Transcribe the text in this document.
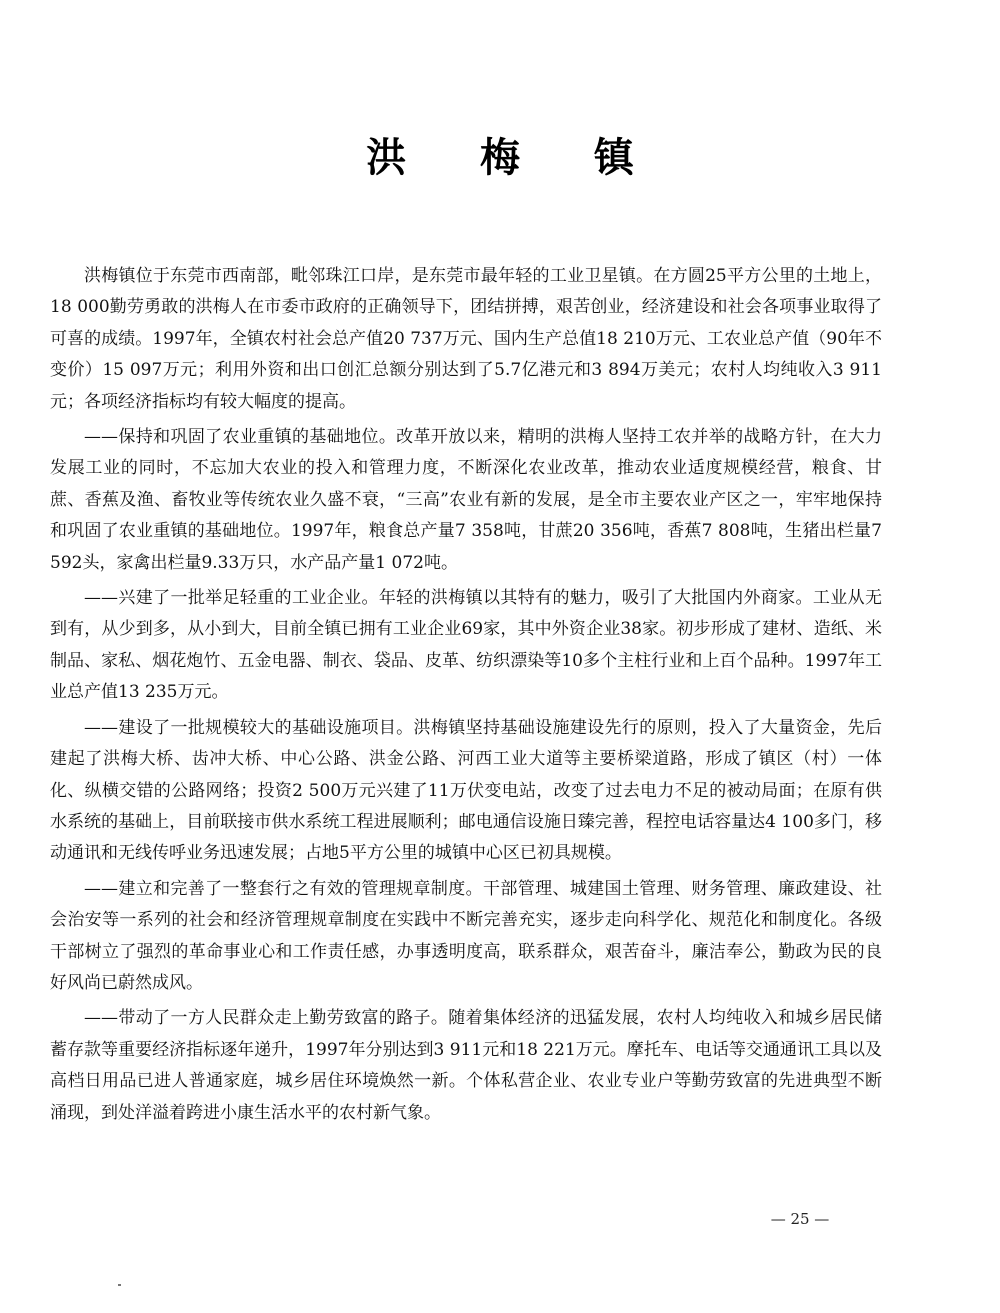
洪 梅 镇

洪梅镇位于东莞市西南部，毗邻珠江口岸，是东莞市最年轻的工业卫星镇。在方圆25平方公里的土地上，18 000勤劳勇敢的洪梅人在市委市政府的正确领导下，团结拼搏，艰苦创业，经济建设和社会各项事业取得了可喜的成绩。1997年，全镇农村社会总产值20 737万元、国内生产总值18 210万元、工农业总产值（90年不变价）15 097万元；利用外资和出口创汇总额分别达到了5.7亿港元和3 894万美元；农村人均纯收入3 911元；各项经济指标均有较大幅度的提高。

——保持和巩固了农业重镇的基础地位。改革开放以来，精明的洪梅人坚持工农并举的战略方针，在大力发展工业的同时，不忘加大农业的投入和管理力度，不断深化农业改革，推动农业适度规模经营，粮食、甘蔗、香蕉及渔、畜牧业等传统农业久盛不衰，“三高”农业有新的发展，是全市主要农业产区之一，牢牢地保持和巩固了农业重镇的基础地位。1997年，粮食总产量7 358吨，甘蔗20 356吨，香蕉7 808吨，生猪出栏量7 592头，家禽出栏量9.33万只，水产品产量1 072吨。

——兴建了一批举足轻重的工业企业。年轻的洪梅镇以其特有的魅力，吸引了大批国内外商家。工业从无到有，从少到多，从小到大，目前全镇已拥有工业企业69家，其中外资企业38家。初步形成了建材、造纸、米制品、家私、烟花炮竹、五金电器、制衣、袋品、皮革、纺织漂染等10多个主柱行业和上百个品种。1997年工业总产值13 235万元。

——建设了一批规模较大的基础设施项目。洪梅镇坚持基础设施建设先行的原则，投入了大量资金，先后建起了洪梅大桥、齿冲大桥、中心公路、洪金公路、河西工业大道等主要桥梁道路，形成了镇区（村）一体化、纵横交错的公路网络；投资2 500万元兴建了11万伏变电站，改变了过去电力不足的被动局面；在原有供水系统的基础上，目前联接市供水系统工程进展顺利；邮电通信设施日臻完善，程控电话容量达4 100多门，移动通讯和无线传呼业务迅速发展；占地5平方公里的城镇中心区已初具规模。

——建立和完善了一整套行之有效的管理规章制度。干部管理、城建国土管理、财务管理、廉政建设、社会治安等一系列的社会和经济管理规章制度在实践中不断完善充实，逐步走向科学化、规范化和制度化。各级干部树立了强烈的革命事业心和工作责任感，办事透明度高，联系群众，艰苦奋斗，廉洁奉公，勤政为民的良好风尚已蔚然成风。

——带动了一方人民群众走上勤劳致富的路子。随着集体经济的迅猛发展，农村人均纯收入和城乡居民储蓄存款等重要经济指标逐年递升，1997年分别达到3 911元和18 221万元。摩托车、电话等交通通讯工具以及高档日用品已进人普通家庭，城乡居住环境焕然一新。个体私营企业、农业专业户等勤劳致富的先进典型不断涌现，到处洋溢着跨进小康生活水平的农村新气象。

— 25 —
